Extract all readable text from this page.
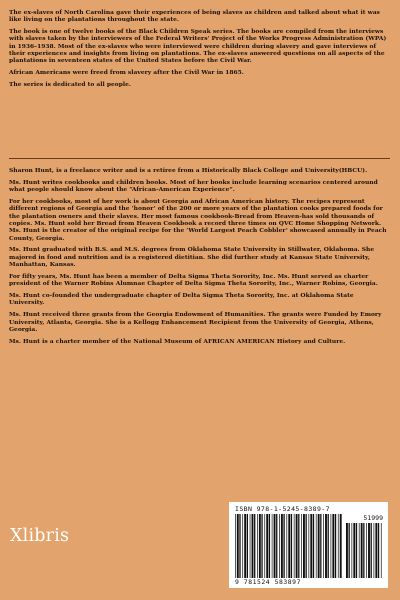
The ex-slaves of North Carolina gave their experiences of being slaves as children and talked about what it was like living on the plantations throughout the state.

The book is one of twelve books of the Black Children Speak series. The books are compiled from the interviews with slaves taken by the interviewers of the Federal Writers' Project of the Works Progress Administration (WPA) in 1936–1938. Most of the ex-slaves who were interviewed were children during slavery and gave interviews of their experiences and insights from living on plantations. The ex-slaves answered questions on all aspects of the plantations in seventeen states of the United States before the Civil War.

African Americans were freed from slavery after the Civil War in 1865.

The series is dedicated to all people.

Sharon Hunt, is a freelance writer and is a retiree from a Historically Black College and University(HBCU).

Ms. Hunt writes cookbooks and children books. Most of her books include learning scenarios centered around what people should know about the “African-American Experience”.

For her cookbooks, most of her work is about Georgia and African American history. The recipes represent different regions of Georgia and the ‘honor’ of the 200 or more years of the plantation cooks prepared foods for the plantation owners and their slaves. Her most famous cookbook-Bread from Heaven-has sold thousands of copies. Ms. Hunt sold her Bread from Heaven Cookbook a record three times on QVC Home Shopping Network. Ms. Hunt is the creator of the original recipe for the ‘World Largest Peach Cobbler’ showcased annually in Peach County, Georgia.

Ms. Hunt graduated with B.S. and M.S. degrees from Oklahoma State University in Stillwater, Oklahoma. She majored in food and nutrition and is a registered dietitian. She did further study at Kansas State University, Manhattan, Kansas.

For fifty years, Ms. Hunt has been a member of Delta Sigma Theta Sorority, Inc. Ms. Hunt served as charter president of the Warner Robins Alumnae Chapter of Delta Sigma Theta Sorority, Inc., Warner Robins, Georgia.

Ms. Hunt co-founded the undergraduate chapter of Delta Sigma Theta Sorority, Inc. at Oklahoma State University.

Ms. Hunt received three grants from the Georgia Endowment of Humanities. The grants were Funded by Emory University, Atlanta, Georgia. She is a Kellogg Enhancement Recipient from the University of Georgia, Athens, Georgia.

Ms. Hunt is a charter member of the National Museum of AFRICAN AMERICAN History and Culture.

Xlibris
ISBN 978-1-5245-8389-7
51999
9 781524 583897
